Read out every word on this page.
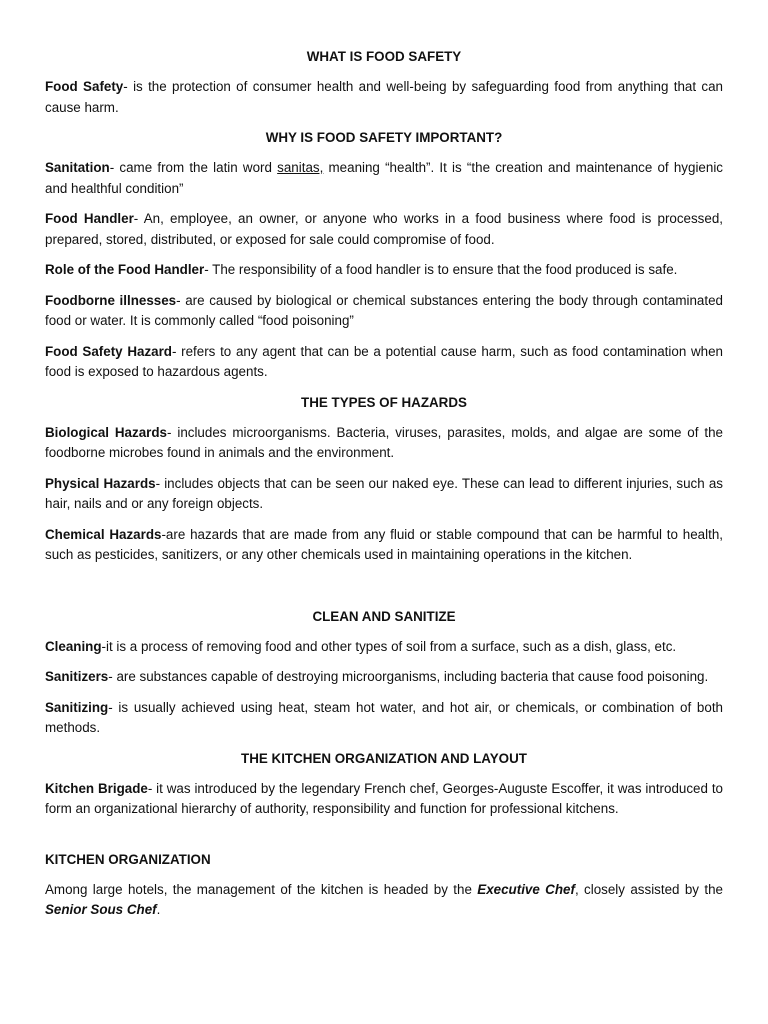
WHAT IS FOOD SAFETY

Food Safety- is the protection of consumer health and well-being by safeguarding food from anything that can cause harm.

WHY IS FOOD SAFETY IMPORTANT?

Sanitation- came from the latin word sanitas, meaning “health”. It is “the creation and maintenance of hygienic and healthful condition”

Food Handler- An, employee, an owner, or anyone who works in a food business where food is processed, prepared, stored, distributed, or exposed for sale could compromise of food.

Role of the Food Handler- The responsibility of a food handler is to ensure that the food produced is safe.

Foodborne illnesses- are caused by biological or chemical substances entering the body through contaminated food or water. It is commonly called “food poisoning”

Food Safety Hazard- refers to any agent that can be a potential cause harm, such as food contamination when food is exposed to hazardous agents.

THE TYPES OF HAZARDS

Biological Hazards- includes microorganisms. Bacteria, viruses, parasites, molds, and algae are some of the foodborne microbes found in animals and the environment.

Physical Hazards- includes objects that can be seen our naked eye. These can lead to different injuries, such as hair, nails and or any foreign objects.

Chemical Hazards-are hazards that are made from any fluid or stable compound that can be harmful to health, such as pesticides, sanitizers, or any other chemicals used in maintaining operations in the kitchen.

CLEAN AND SANITIZE

Cleaning-it is a process of removing food and other types of soil from a surface, such as a dish, glass, etc.

Sanitizers- are substances capable of destroying microorganisms, including bacteria that cause food poisoning.

Sanitizing- is usually achieved using heat, steam hot water, and hot air, or chemicals, or combination of both methods.

THE KITCHEN ORGANIZATION AND LAYOUT

Kitchen Brigade- it was introduced by the legendary French chef, Georges-Auguste Escoffer, it was introduced to form an organizational hierarchy of authority, responsibility and function for professional kitchens.

KITCHEN ORGANIZATION

Among large hotels, the management of the kitchen is headed by the Executive Chef, closely assisted by the Senior Sous Chef.
